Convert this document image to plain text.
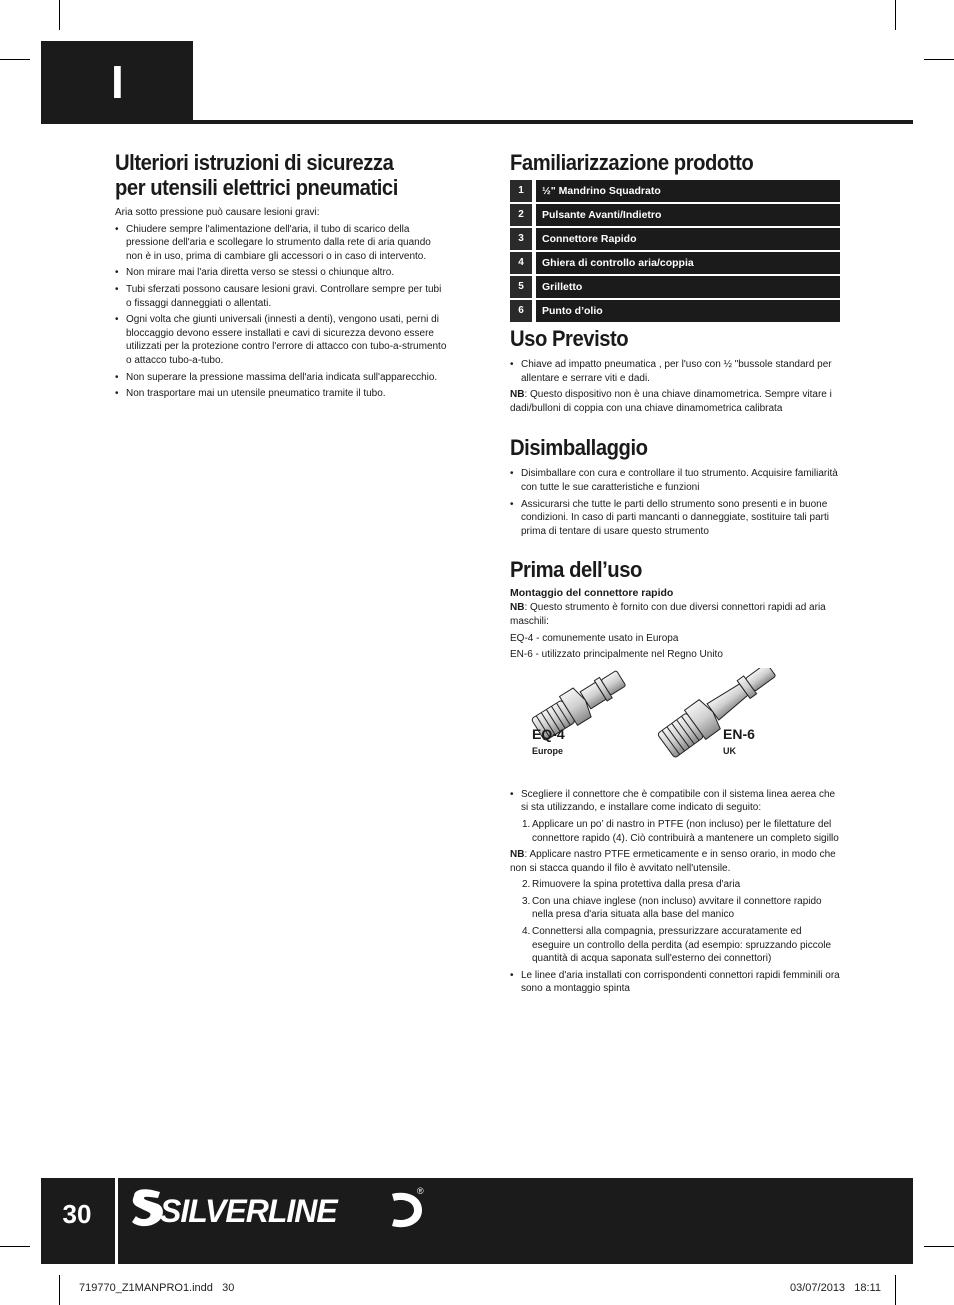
I
Ulteriori istruzioni di sicurezza
per utensili elettrici pneumatici

Aria sotto pressione può causare lesioni gravi:

• Chiudere sempre l'alimentazione dell'aria, il tubo di scarico della pressione dell'aria e scollegare lo strumento dalla rete di aria quando non è in uso, prima di cambiare gli accessori o in caso di intervento.
• Non mirare mai l'aria diretta verso se stessi o chiunque altro.
• Tubi sferzati possono causare lesioni gravi. Controllare sempre per tubi o fissaggi danneggiati o allentati.
• Ogni volta che giunti universali (innesti a denti), vengono usati, perni di bloccaggio devono essere installati e cavi di sicurezza devono essere utilizzati per la protezione contro l'errore di attacco con tubo-a-strumento o attacco tubo-a-tubo.
• Non superare la pressione massima dell'aria indicata sull'apparecchio.
• Non trasportare mai un utensile pneumatico tramite il tubo.
Familiarizzazione prodotto
1	½" Mandrino Squadrato
2	Pulsante Avanti/Indietro
3	Connettore Rapido
4	Ghiera di controllo aria/coppia
5	Grilletto
6	Punto d’olio
Uso Previsto
• Chiave ad impatto pneumatica , per l'uso con ½ "bussole standard per allentare e serrare viti e dadi.

NB: Questo dispositivo non è una chiave dinamometrica. Sempre vitare i dadi/bulloni di coppia con una chiave dinamometrica calibrata

Disimballaggio
• Disimballare con cura e controllare il tuo strumento. Acquisire familiarità con tutte le sue caratteristiche e funzioni
• Assicurarsi che tutte le parti dello strumento sono presenti e in buone condizioni. In caso di parti mancanti o danneggiate, sostituire tali parti prima di tentare di usare questo strumento
Prima dell’uso
Montaggio del connettore rapido

NB: Questo strumento è fornito con due diversi connettori rapidi ad aria maschili:

EQ-4 - comunemente usato in Europa

EN-6 - utilizzato principalmente nel Regno Unito

EQ-4
Europe
EN-6
UK
• Scegliere il connettore che è compatibile con il sistema linea aerea che si sta utilizzando, e installare come indicato di seguito:
1. Applicare un po’ di nastro in PTFE (non incluso) per le filettature del connettore rapido (4). Ciò contribuirà a mantenere un completo sigillo

NB: Applicare nastro PTFE ermeticamente e in senso orario, in modo che non si stacca quando il filo è avvitato nell'utensile.

2. Rimuovere la spina protettiva dalla presa d'aria
3. Con una chiave inglese (non incluso) avvitare il connettore rapido nella presa d'aria situata alla base del manico
4. Connettersi alla compagnia, pressurizzare accuratamente ed eseguire un controllo della perdita (ad esempio: spruzzando piccole quantità di acqua saponata sull'esterno dei connettori)
• Le linee d'aria installati con corrispondenti connettori rapidi femminili ora sono a montaggio spinta
30	SILVERLINE
®
719770_Z1MANPRO1.indd   30	03/07/2013   18:11
